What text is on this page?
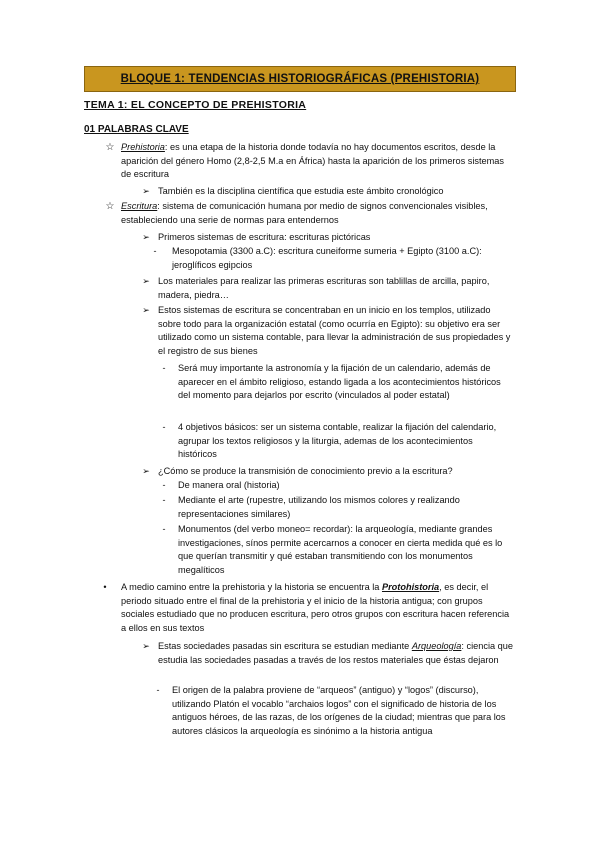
BLOQUE 1: TENDENCIAS HISTORIOGRÁFICAS (PREHISTORIA)
TEMA 1: EL CONCEPTO DE PREHISTORIA
01 PALABRAS CLAVE
☆ Prehistoria: es una etapa de la historia donde todavía no hay documentos escritos, desde la aparición del género Homo (2,8-2,5 M.a en África) hasta la aparición de los primeros sistemas de escritura
➢ También es la disciplina científica que estudia este ámbito cronológico
☆ Escritura: sistema de comunicación humana por medio de signos convencionales visibles, estableciendo una serie de normas para entendernos
➢ Primeros sistemas de escritura: escrituras pictóricas
-	Mesopotamia (3300 a.C): escritura cuneiforme sumeria + Egipto (3100 a.C): jeroglíficos egipcios
➢ Los materiales para realizar las primeras escrituras son tablillas de arcilla, papiro, madera, piedra…
➢ Estos sistemas de escritura se concentraban en un inicio en los templos, utilizado sobre todo para la organización estatal (como ocurría en Egipto): su objetivo era ser utilizado como un sistema contable, para llevar la administración de sus propiedades y el registro de sus bienes
-	Será muy importante la astronomía y la fijación de un calendario, además de aparecer en el ámbito religioso, estando ligada a los acontecimientos históricos del momento para dejarlos por escrito (vinculados al poder estatal)
-	4 objetivos básicos: ser un sistema contable, realizar la fijación del calendario, agrupar los textos religiosos y la liturgia, ademas de los acontecimientos históricos
➢ ¿Cómo se produce la transmisión de conocimiento previo a la escritura?
-	De manera oral (historia)
-	Mediante el arte (rupestre, utilizando los mismos colores y realizando representaciones similares)
-	Monumentos (del verbo moneo= recordar): la arqueología, mediante grandes investigaciones, sínos permite acercarnos a conocer en cierta medida qué es lo que querían transmitir y qué estaban transmitiendo con los monumentos megalíticos
•	A medio camino entre la prehistoria y la historia se encuentra la Protohistoria, es decir, el periodo situado entre el final de la prehistoria y el inicio de la historia antigua; con grupos sociales estudiado que no producen escritura, pero otros grupos con escritura hacen referencia a ellos en sus textos
➢ Estas sociedades pasadas sin escritura se estudian mediante Arqueología: ciencia que estudia las sociedades pasadas a través de los restos materiales que éstas dejaron
-	El origen de la palabra proviene de “arqueos” (antiguo) y “logos” (discurso), utilizando Platón el vocablo “archaios logos” con el significado de historia de los antiguos héroes, de las razas, de los orígenes de la ciudad; mientras que para los autores clásicos la arqueología es sinónimo a la historia antigua
